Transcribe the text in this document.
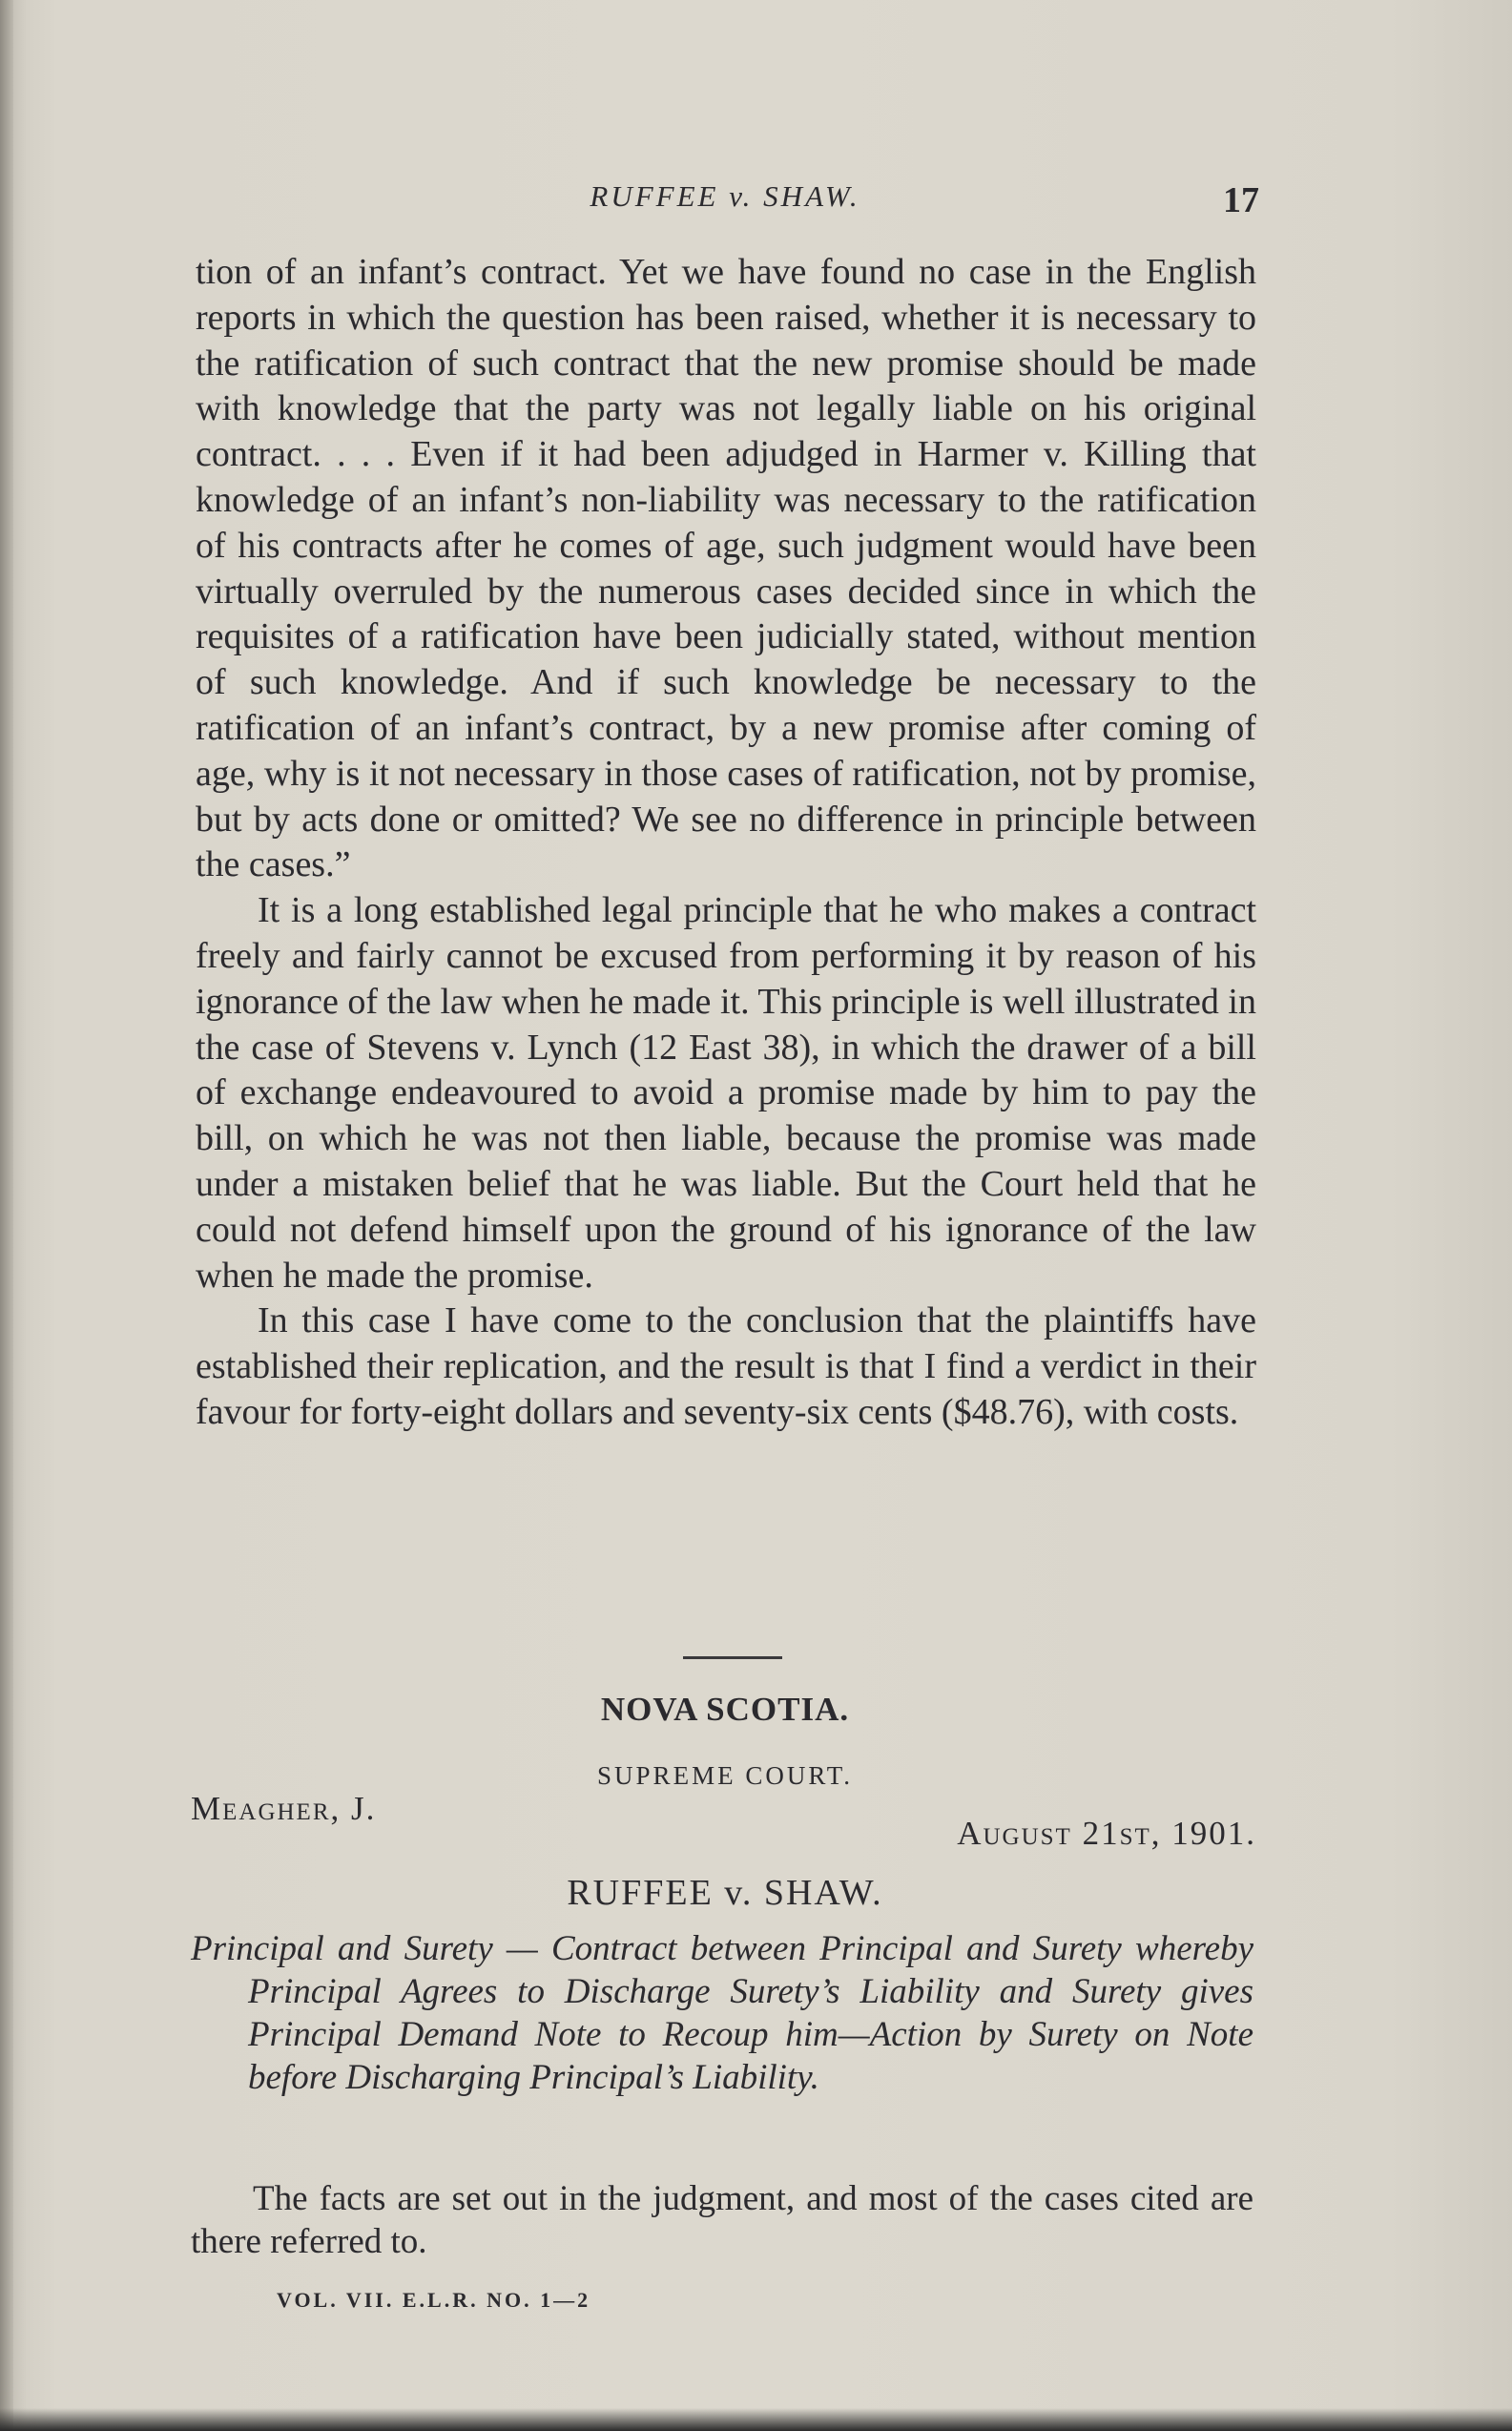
RUFFEE v. SHAW.	17

tion of an infant’s contract. Yet we have found no case in the English reports in which the question has been raised, whether it is necessary to the ratification of such contract that the new promise should be made with knowledge that the party was not legally liable on his original contract. . . . Even if it had been adjudged in Harmer v. Killing that knowledge of an infant’s non-liability was necessary to the ratification of his contracts after he comes of age, such judgment would have been virtually overruled by the numerous cases decided since in which the requisites of a ratification have been judicially stated, without mention of such knowledge. And if such knowledge be necessary to the ratification of an infant’s contract, by a new promise after coming of age, why is it not necessary in those cases of ratification, not by promise, but by acts done or omitted? We see no difference in principle between the cases.”

It is a long established legal principle that he who makes a contract freely and fairly cannot be excused from performing it by reason of his ignorance of the law when he made it. This principle is well illustrated in the case of Stevens v. Lynch (12 East 38), in which the drawer of a bill of exchange endeavoured to avoid a promise made by him to pay the bill, on which he was not then liable, because the promise was made under a mistaken belief that he was liable. But the Court held that he could not defend himself upon the ground of his ignorance of the law when he made the promise.

In this case I have come to the conclusion that the plaintiffs have established their replication, and the result is that I find a verdict in their favour for forty-eight dollars and seventy-six cents ($48.76), with costs.

NOVA SCOTIA.
SUPREME COURT.
Meagher, J.
August 21st, 1901.
RUFFEE v. SHAW.

Principal and Surety — Contract between Principal and Surety whereby Principal Agrees to Discharge Surety’s Liability and Surety gives Principal Demand Note to Recoup him—Action by Surety on Note before Discharging Principal’s Liability.

The facts are set out in the judgment, and most of the cases cited are there referred to.

VOL. VII. E.L.R. NO. 1—2
